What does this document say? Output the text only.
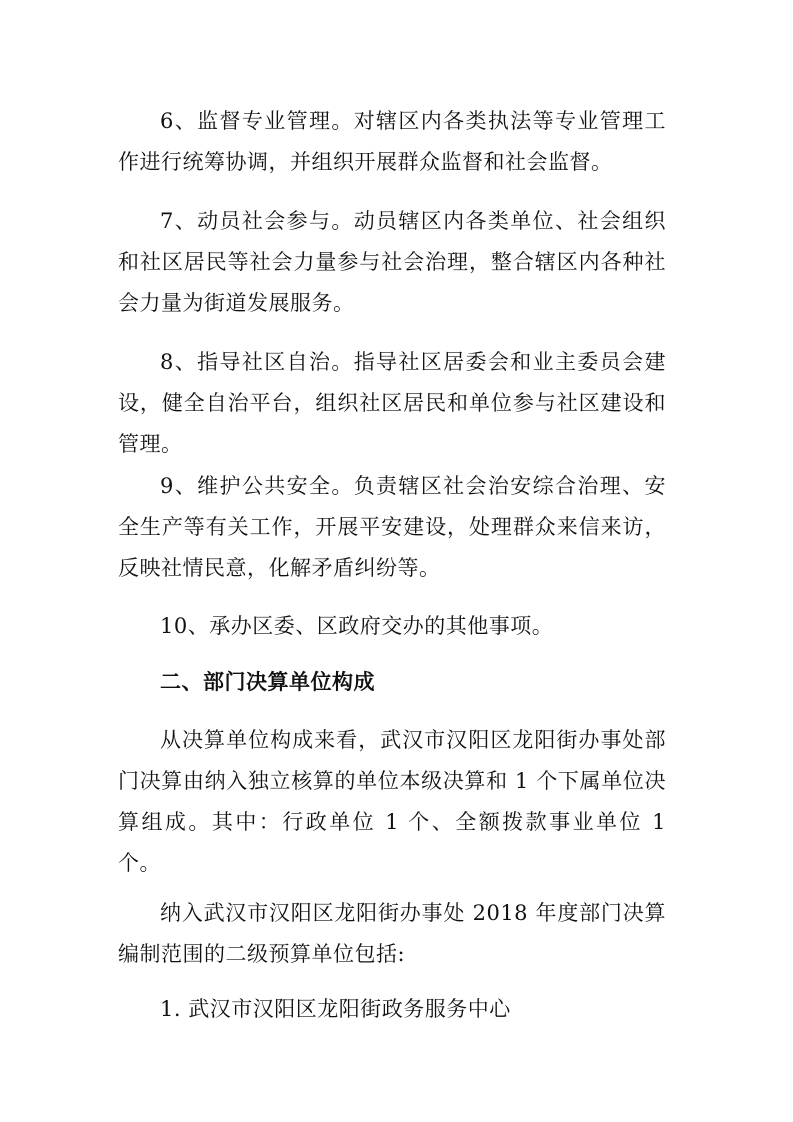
6、监督专业管理。对辖区内各类执法等专业管理工作进行统筹协调，并组织开展群众监督和社会监督。

7、动员社会参与。动员辖区内各类单位、社会组织和社区居民等社会力量参与社会治理，整合辖区内各种社会力量为街道发展服务。

8、指导社区自治。指导社区居委会和业主委员会建设，健全自治平台，组织社区居民和单位参与社区建设和管理。

9、维护公共安全。负责辖区社会治安综合治理、安全生产等有关工作，开展平安建设，处理群众来信来访，反映社情民意，化解矛盾纠纷等。

10、承办区委、区政府交办的其他事项。

二、部门决算单位构成

从决算单位构成来看，武汉市汉阳区龙阳街办事处部门决算由纳入独立核算的单位本级决算和 1 个下属单位决算组成。其中：行政单位 1 个、全额拨款事业单位 1 个。

纳入武汉市汉阳区龙阳街办事处 2018 年度部门决算编制范围的二级预算单位包括:

1. 武汉市汉阳区龙阳街政务服务中心
